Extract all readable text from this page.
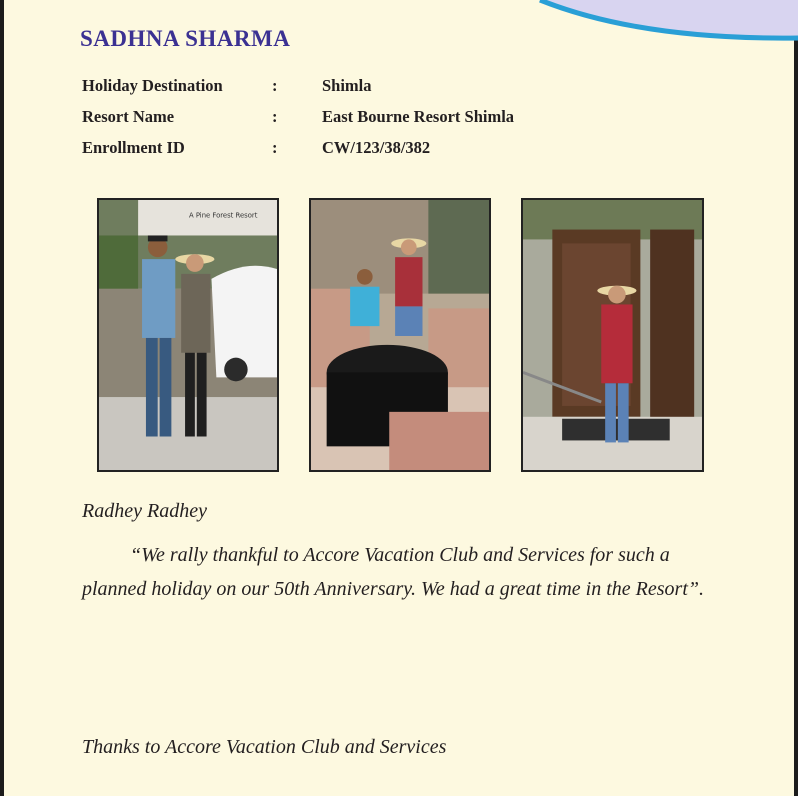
SADHNA SHARMA
Holiday Destination	:	Shimla
Resort Name	:	East Bourne Resort Shimla
Enrollment ID	:	CW/123/38/382
A Pine Forest Resort
Radhey Radhey

“We rally thankful to Accore Vacation Club and Services for such a planned holiday on our 50th Anniversary. We had a great time in the Resort”.

Thanks to Accore Vacation Club and Services
